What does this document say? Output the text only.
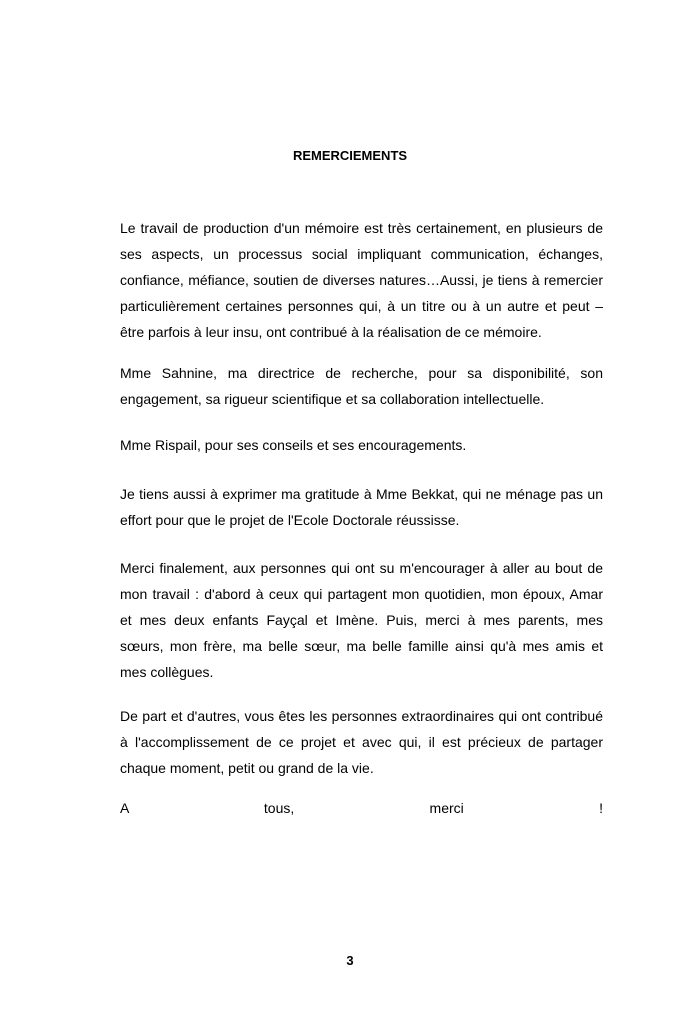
REMERCIEMENTS
Le travail de production d'un mémoire est très certainement, en plusieurs de
ses aspects, un processus social impliquant communication, échanges,
confiance, méfiance, soutien de diverses natures…Aussi, je tiens à remercier
particulièrement certaines personnes qui, à un titre ou à un autre et peut –
être parfois à leur insu, ont contribué à la réalisation de ce mémoire.
Mme Sahnine, ma directrice de recherche, pour sa disponibilité, son
engagement, sa rigueur scientifique et sa collaboration intellectuelle.
Mme Rispail, pour ses conseils et ses encouragements.
Je tiens aussi à exprimer ma gratitude à Mme Bekkat, qui ne ménage pas un
effort pour que le projet de l'Ecole Doctorale réussisse.
Merci finalement, aux personnes qui ont su m'encourager à aller au bout de
mon travail : d'abord à ceux qui partagent mon quotidien, mon époux, Amar
et mes deux enfants Fayçal et Imène. Puis, merci à mes parents, mes
sœurs, mon frère, ma belle sœur, ma belle famille ainsi qu'à mes amis et
mes collègues.
De part et d'autres, vous êtes les personnes extraordinaires qui ont contribué
à l'accomplissement de ce projet et avec qui, il est précieux de partager
chaque moment, petit ou grand de la vie.
A tous, merci !
3
